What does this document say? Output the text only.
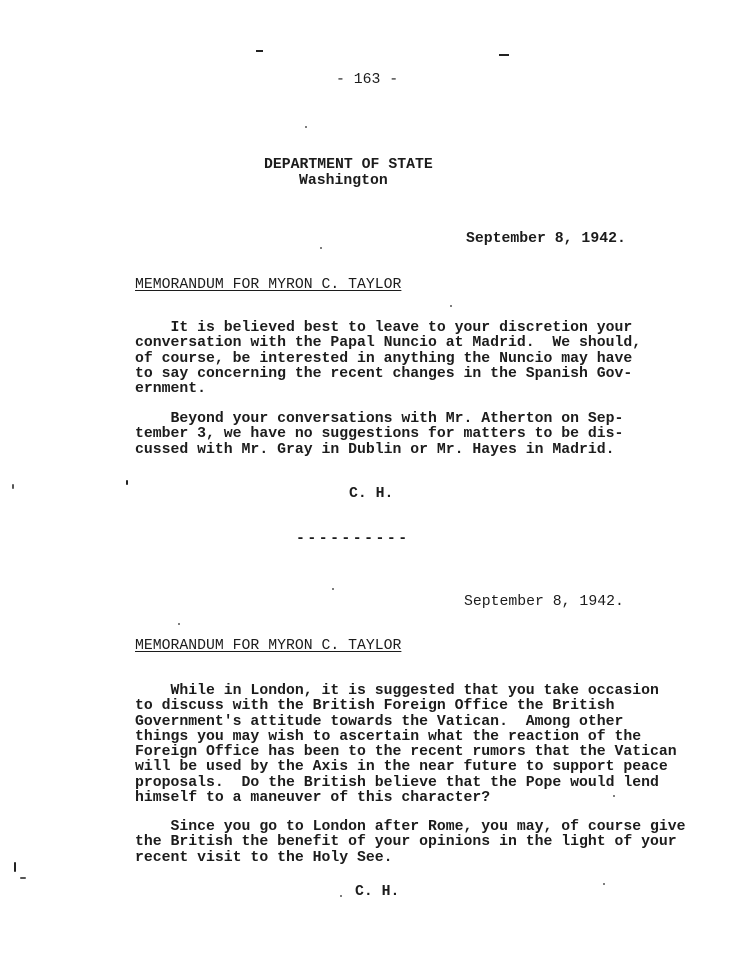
- 163 -
DEPARTMENT OF STATE
Washington
September 8, 1942.
MEMORANDUM FOR MYRON C. TAYLOR
It is believed best to leave to your discretion your
conversation with the Papal Nuncio at Madrid.  We should,
of course, be interested in anything the Nuncio may have
to say concerning the recent changes in the Spanish Gov-
ernment.
Beyond your conversations with Mr. Atherton on Sep-
tember 3, we have no suggestions for matters to be dis-
cussed with Mr. Gray in Dublin or Mr. Hayes in Madrid.
C. H.
- - - - - - - - - -
September 8, 1942.
MEMORANDUM FOR MYRON C. TAYLOR
While in London, it is suggested that you take occasion
to discuss with the British Foreign Office the British
Government's attitude towards the Vatican.  Among other
things you may wish to ascertain what the reaction of the
Foreign Office has been to the recent rumors that the Vatican
will be used by the Axis in the near future to support peace
proposals.  Do the British believe that the Pope would lend
himself to a maneuver of this character?
Since you go to London after Rome, you may, of course give
the British the benefit of your opinions in the light of your
recent visit to the Holy See.
C. H.
